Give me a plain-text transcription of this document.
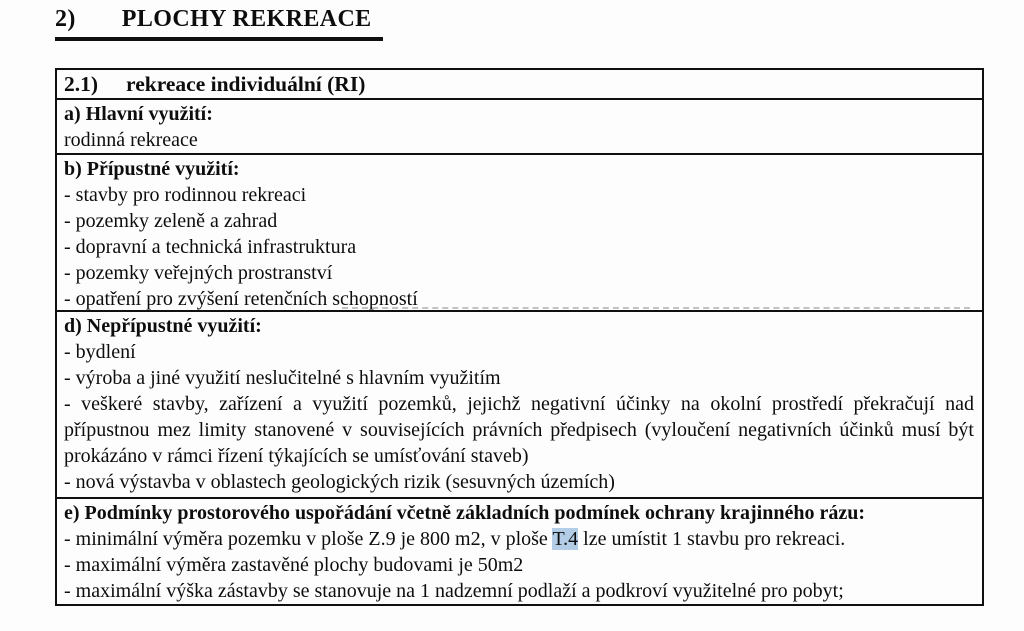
2) PLOCHY REKREACE
2.1) rekreace individuální (RI)
a) Hlavní využití:
rodinná rekreace
b) Přípustné využití:
- stavby pro rodinnou rekreaci
- pozemky zeleně a zahrad
- dopravní a technická infrastruktura
- pozemky veřejných prostranství
- opatření pro zvýšení retenčních schopností
d) Nepřípustné využití:
- bydlení
- výroba a jiné využití neslučitelné s hlavním využitím
- veškeré stavby, zařízení a využití pozemků, jejichž negativní účinky na okolní prostředí překračují nad přípustnou mez limity stanovené v souvisejících právních předpisech (vyloučení negativních účinků musí být prokázáno v rámci řízení týkajících se umísťování staveb)
- nová výstavba v oblastech geologických rizik (sesuvných územích)
e) Podmínky prostorového uspořádání včetně základních podmínek ochrany krajinného rázu:
- minimální výměra pozemku v ploše Z.9 je 800 m2, v ploše T.4 lze umístit 1 stavbu pro rekreaci.
- maximální výměra zastavěné plochy budovami je 50m2
- maximální výška zástavby se stanovuje na 1 nadzemní podlaží a podkroví využitelné pro pobyt;
